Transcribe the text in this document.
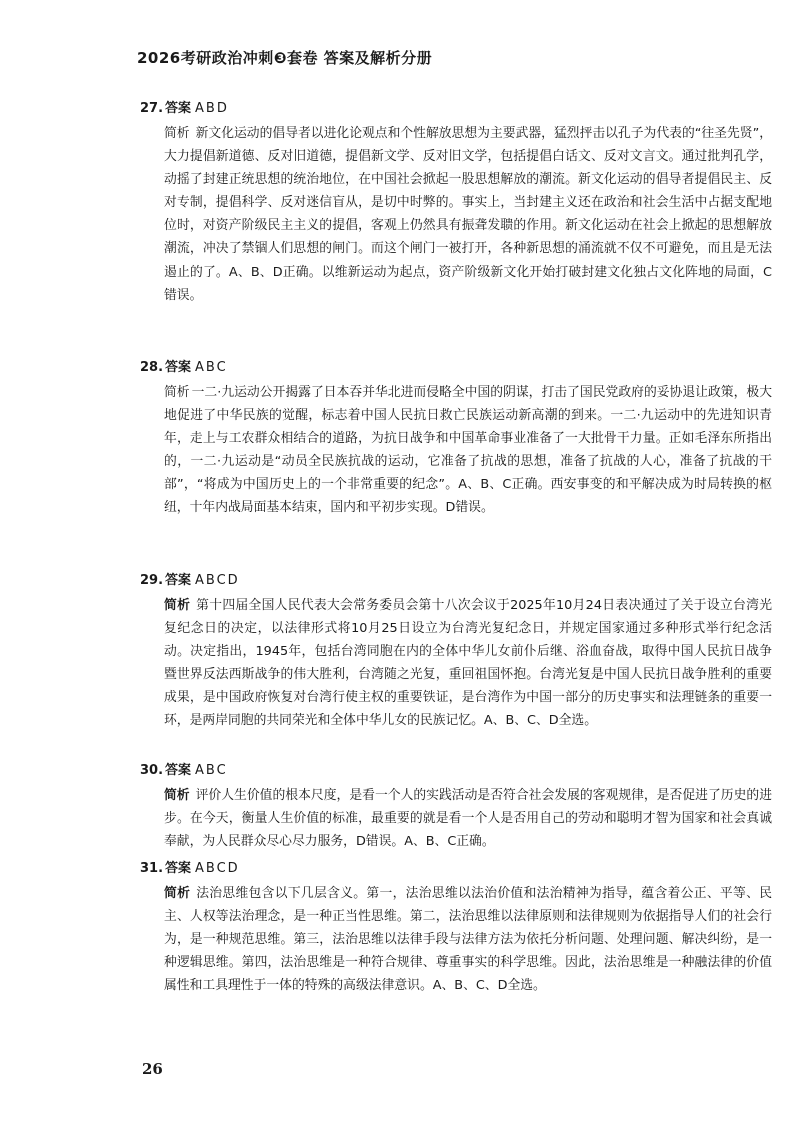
2026考研政治冲刺❸套卷 答案及解析分册
27. 答案 ABD
简析 新文化运动的倡导者以进化论观点和个性解放思想为主要武器，猛烈抨击以孔子为代表的“往圣先贤”，大力提倡新道德、反对旧道德，提倡新文学、反对旧文学，包括提倡白话文、反对文言文。通过批判孔学，动摇了封建正统思想的统治地位，在中国社会掀起一股思想解放的潮流。新文化运动的倡导者提倡民主、反对专制，提倡科学、反对迷信盲从，是切中时弊的。事实上，当封建主义还在政治和社会生活中占据支配地位时，对资产阶级民主主义的提倡，客观上仍然具有振聋发聩的作用。新文化运动在社会上掀起的思想解放潮流，冲决了禁锢人们思想的闸门。而这个闸门一被打开，各种新思想的涌流就不仅不可避免，而且是无法遏止的了。A、B、D正确。以维新运动为起点，资产阶级新文化开始打破封建文化独占文化阵地的局面，C错误。
28. 答案 ABC
简析 一二·九运动公开揭露了日本吞并华北进而侵略全中国的阴谋，打击了国民党政府的妥协退让政策，极大地促进了中华民族的觉醒，标志着中国人民抗日救亡民族运动新高潮的到来。一二·九运动中的先进知识青年，走上与工农群众相结合的道路，为抗日战争和中国革命事业准备了一大批骨干力量。正如毛泽东所指出的，一二·九运动是“动员全民族抗战的运动，它准备了抗战的思想，准备了抗战的人心，准备了抗战的干部”，“将成为中国历史上的一个非常重要的纪念”。A、B、C正确。西安事变的和平解决成为时局转换的枢纽，十年内战局面基本结束，国内和平初步实现。D错误。
29. 答案 ABCD
简析 第十四届全国人民代表大会常务委员会第十八次会议于2025年10月24日表决通过了关于设立台湾光复纪念日的决定，以法律形式将10月25日设立为台湾光复纪念日，并规定国家通过多种形式举行纪念活动。决定指出，1945年，包括台湾同胞在内的全体中华儿女前仆后继、浴血奋战，取得中国人民抗日战争暨世界反法西斯战争的伟大胜利，台湾随之光复，重回祖国怀抱。台湾光复是中国人民抗日战争胜利的重要成果，是中国政府恢复对台湾行使主权的重要铁证，是台湾作为中国一部分的历史事实和法理链条的重要一环，是两岸同胞的共同荣光和全体中华儿女的民族记忆。A、B、C、D全选。
30. 答案 ABC
简析 评价人生价值的根本尺度，是看一个人的实践活动是否符合社会发展的客观规律，是否促进了历史的进步。在今天，衡量人生价值的标准，最重要的就是看一个人是否用自己的劳动和聪明才智为国家和社会真诚奉献，为人民群众尽心尽力服务，D错误。A、B、C正确。
31. 答案 ABCD
简析 法治思维包含以下几层含义。第一，法治思维以法治价值和法治精神为指导，蕴含着公正、平等、民主、人权等法治理念，是一种正当性思维。第二，法治思维以法律原则和法律规则为依据指导人们的社会行为，是一种规范思维。第三，法治思维以法律手段与法律方法为依托分析问题、处理问题、解决纠纷，是一种逻辑思维。第四，法治思维是一种符合规律、尊重事实的科学思维。因此，法治思维是一种融法律的价值属性和工具理性于一体的特殊的高级法律意识。A、B、C、D全选。
26
